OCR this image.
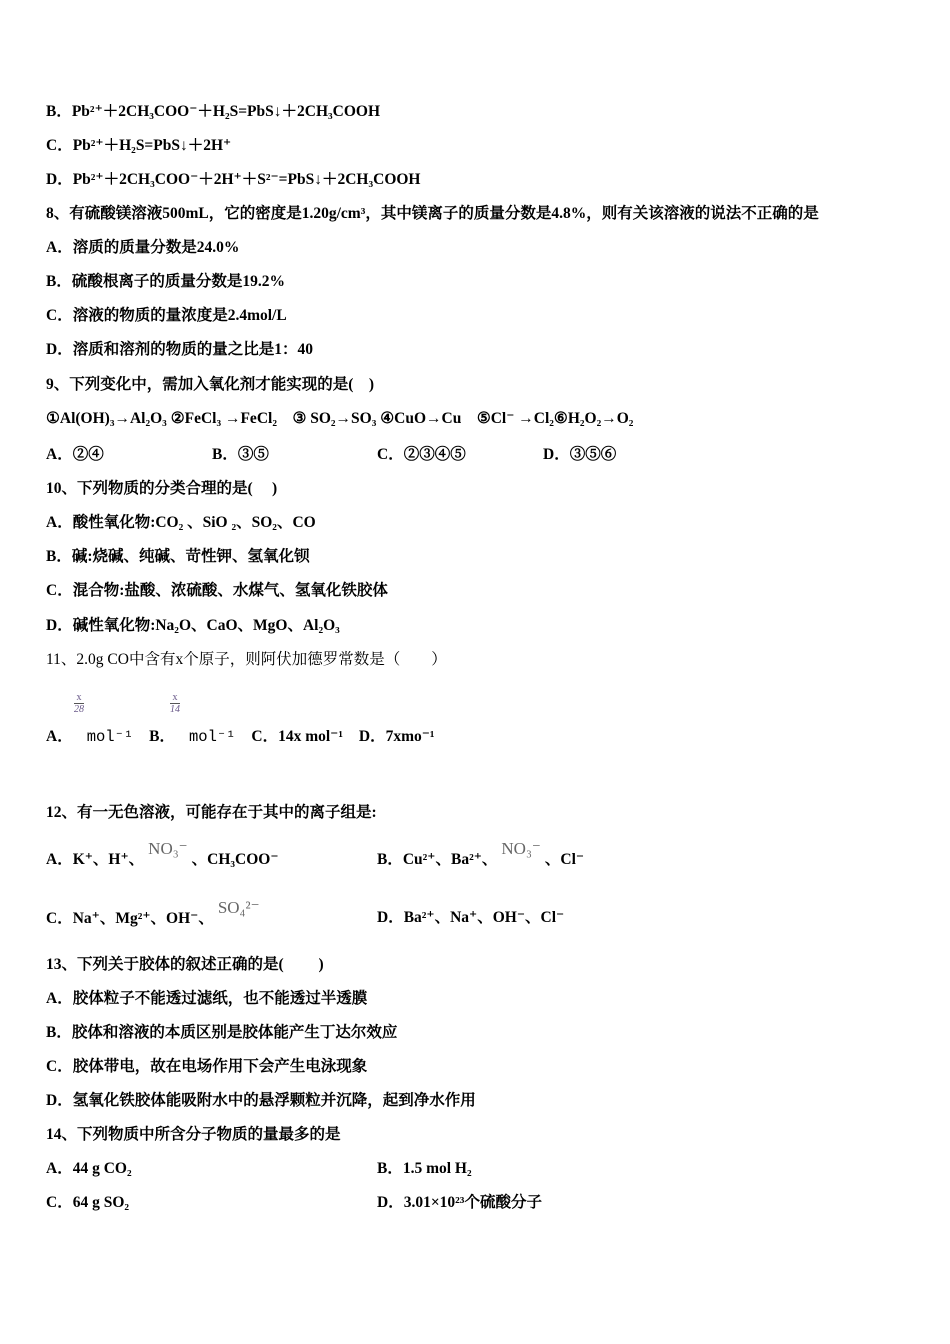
B．Pb²⁺＋2CH₃COO⁻＋H₂S=PbS↓＋2CH₃COOH
C．Pb²⁺＋H₂S=PbS↓＋2H⁺
D．Pb²⁺＋2CH₃COO⁻＋2H⁺＋S²⁻=PbS↓＋2CH₃COOH
8、有硫酸镁溶液500mL，它的密度是1.20g/cm³，其中镁离子的质量分数是4.8%，则有关该溶液的说法不正确的是
A．溶质的质量分数是24.0%
B．硫酸根离子的质量分数是19.2%
C．溶液的物质的量浓度是2.4mol/L
D．溶质和溶剂的物质的量之比是1：40
9、下列变化中，需加入氧化剂才能实现的是(　)
①Al(OH)₃→Al₂O₃ ②FeCl₃ →FeCl₂　③ SO₂→SO₃ ④CuO→Cu　⑤Cl⁻ →Cl₂⑥H₂O₂→O₂
A．②④	B．③⑤	C．②③④⑤	D．③⑤⑥
10、下列物质的分类合理的是(　 )
A．酸性氧化物:CO₂ 、SiO ₂、SO₂、CO
B．碱:烧碱、纯碱、苛性钾、氢氧化钡
C．混合物:盐酸、浓硫酸、水煤气、氢氧化铁胶体
D．碱性氧化物:Na₂O、CaO、MgO、Al₂O₃
11、2.0g CO中含有x个原子，则阿伏加德罗常数是（　　）
$\frac{x}{28}$	$\frac{x}{14}$
A． mol⁻¹ B． mol⁻¹ C．14x mol⁻¹ D．7xmo⁻¹
12、有一无色溶液，可能存在于其中的离子组是:
A．K⁺、H⁺、NO₃⁻、CH₃COO⁻	B．Cu²⁺、Ba²⁺、NO₃⁻、Cl⁻
C．Na⁺、Mg²⁺、OH⁻、SO₄²⁻
D．Ba²⁺、Na⁺、OH⁻、Cl⁻
13、下列关于胶体的叙述正确的是(　　 )
A．胶体粒子不能透过滤纸，也不能透过半透膜
B．胶体和溶液的本质区别是胶体能产生丁达尔效应
C．胶体带电，故在电场作用下会产生电泳现象
D．氢氧化铁胶体能吸附水中的悬浮颗粒并沉降，起到净水作用
14、下列物质中所含分子物质的量最多的是
A．44 g CO₂	B．1.5 mol H₂
C．64 g SO₂	D．3.01×10²³个硫酸分子
